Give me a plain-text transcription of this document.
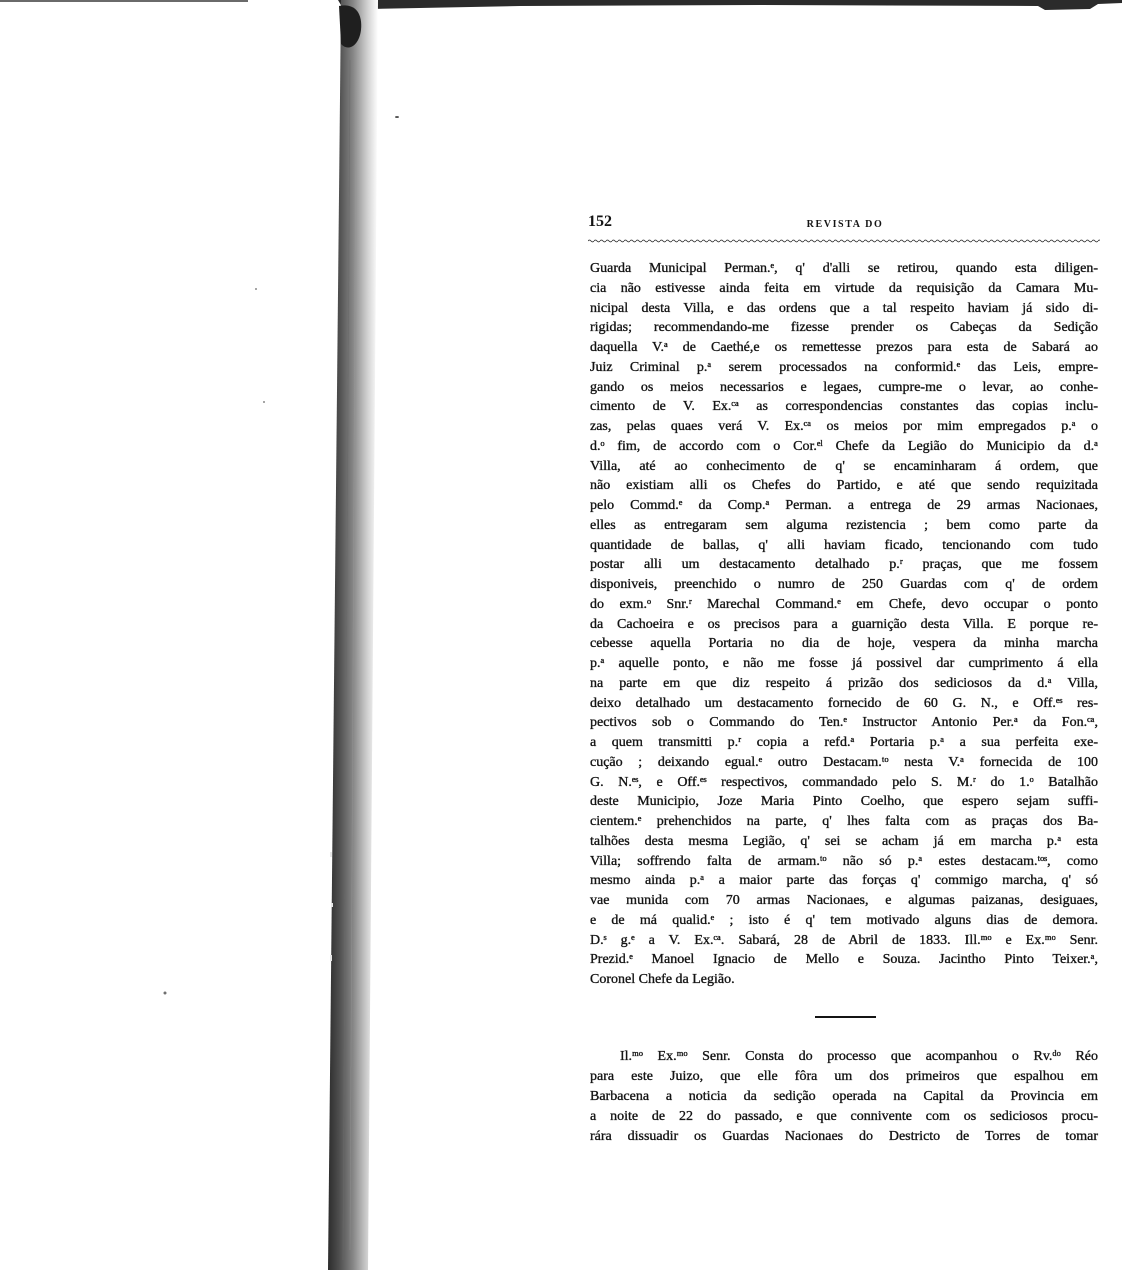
152	REVISTA DO
Guarda Municipal Perman.ᵉ, q' d'alli se retirou, quando esta diligen-
cia não estivesse ainda feita em virtude da requisição da Camara Mu-
nicipal desta Villa, e das ordens que a tal respeito haviam já sido di-
rigidas; recommendando-me fizesse prender os Cabeças da Sedição
daquella V.ᵃ de Caethé,e os remettesse prezos para esta de Sabará ao
Juiz Criminal p.ᵃ serem processados na conformid.ᵉ das Leis, empre-
gando os meios necessarios e legaes, cumpre-me o levar, ao conhe-
cimento de V. Ex.ᶜᵃ as correspondencias constantes das copias inclu-
zas, pelas quaes verá V. Ex.ᶜᵃ os meios por mim empregados p.ᵃ o
d.ᵒ fim, de accordo com o Cor.ᵉˡ Chefe da Legião do Municipio da d.ᵃ
Villa, até ao conhecimento de q' se encaminharam á ordem, que
não existiam alli os Chefes do Partido, e até que sendo requizitada
pelo Commd.ᵉ da Comp.ᵃ Perman. a entrega de 29 armas Nacionaes,
elles as entregaram sem alguma rezistencia ; bem como parte da
quantidade de ballas, q' alli haviam ficado, tencionando com tudo
postar alli um destacamento detalhado p.ʳ praças, que me fossem
disponiveis, preenchido o numro de 250 Guardas com q' de ordem
do exm.ᵒ Snr.ʳ Marechal Command.ᵉ em Chefe, devo occupar o ponto
da Cachoeira e os precisos para a guarnição desta Villa. E porque re-
cebesse aquella Portaria no dia de hoje, vespera da minha marcha
p.ᵃ aquelle ponto, e não me fosse já possivel dar cumprimento á ella
na parte em que diz respeito á prizão dos sediciosos da d.ᵃ Villa,
deixo detalhado um destacamento fornecido de 60 G. N., e Off.ᵉˢ res-
pectivos sob o Commando do Ten.ᵉ Instructor Antonio Per.ᵃ da Fon.ᶜᵃ,
a quem transmitti p.ʳ copia a refd.ᵃ Portaria p.ᵃ a sua perfeita exe-
cução ; deixando egual.ᵉ outro Destacam.ᵗᵒ nesta V.ᵃ fornecida de 100
G. N.ᵉˢ, e Off.ᵉˢ respectivos, commandado pelo S. M.ʳ do 1.ᵒ Batalhão
deste Municipio, Joze Maria Pinto Coelho, que espero sejam suffi-
cientem.ᵉ prehenchidos na parte, q' lhes falta com as praças dos Ba-
talhões desta mesma Legião, q' sei se acham já em marcha p.ᵃ esta
Villa; soffrendo falta de armam.ᵗᵒ não só p.ᵃ estes destacam.ᵗᵒˢ, como
mesmo ainda p.ᵃ a maior parte das forças q' commigo marcha, q' só
vae munida com 70 armas Nacionaes, e algumas paizanas, desiguaes,
e de má qualid.ᵉ ; isto é q' tem motivado alguns dias de demora.
D.ˢ g.ᵉ a V. Ex.ᶜᵃ. Sabará, 28 de Abril de 1833. Ill.ᵐᵒ e Ex.ᵐᵒ Senr.
Prezid.ᵉ Manoel Ignacio de Mello e Souza. Jacintho Pinto Teixer.ᵃ,
Coronel Chefe da Legião.
Il.ᵐᵒ Ex.ᵐᵒ Senr. Consta do processo que acompanhou o Rv.ᵈᵒ Réo
para este Juizo, que elle fôra um dos primeiros que espalhou em
Barbacena a noticia da sedição operada na Capital da Provincia em
a noite de 22 do passado, e que connivente com os sediciosos procu-
rára dissuadir os Guardas Nacionaes do Destricto de Torres de tomar
